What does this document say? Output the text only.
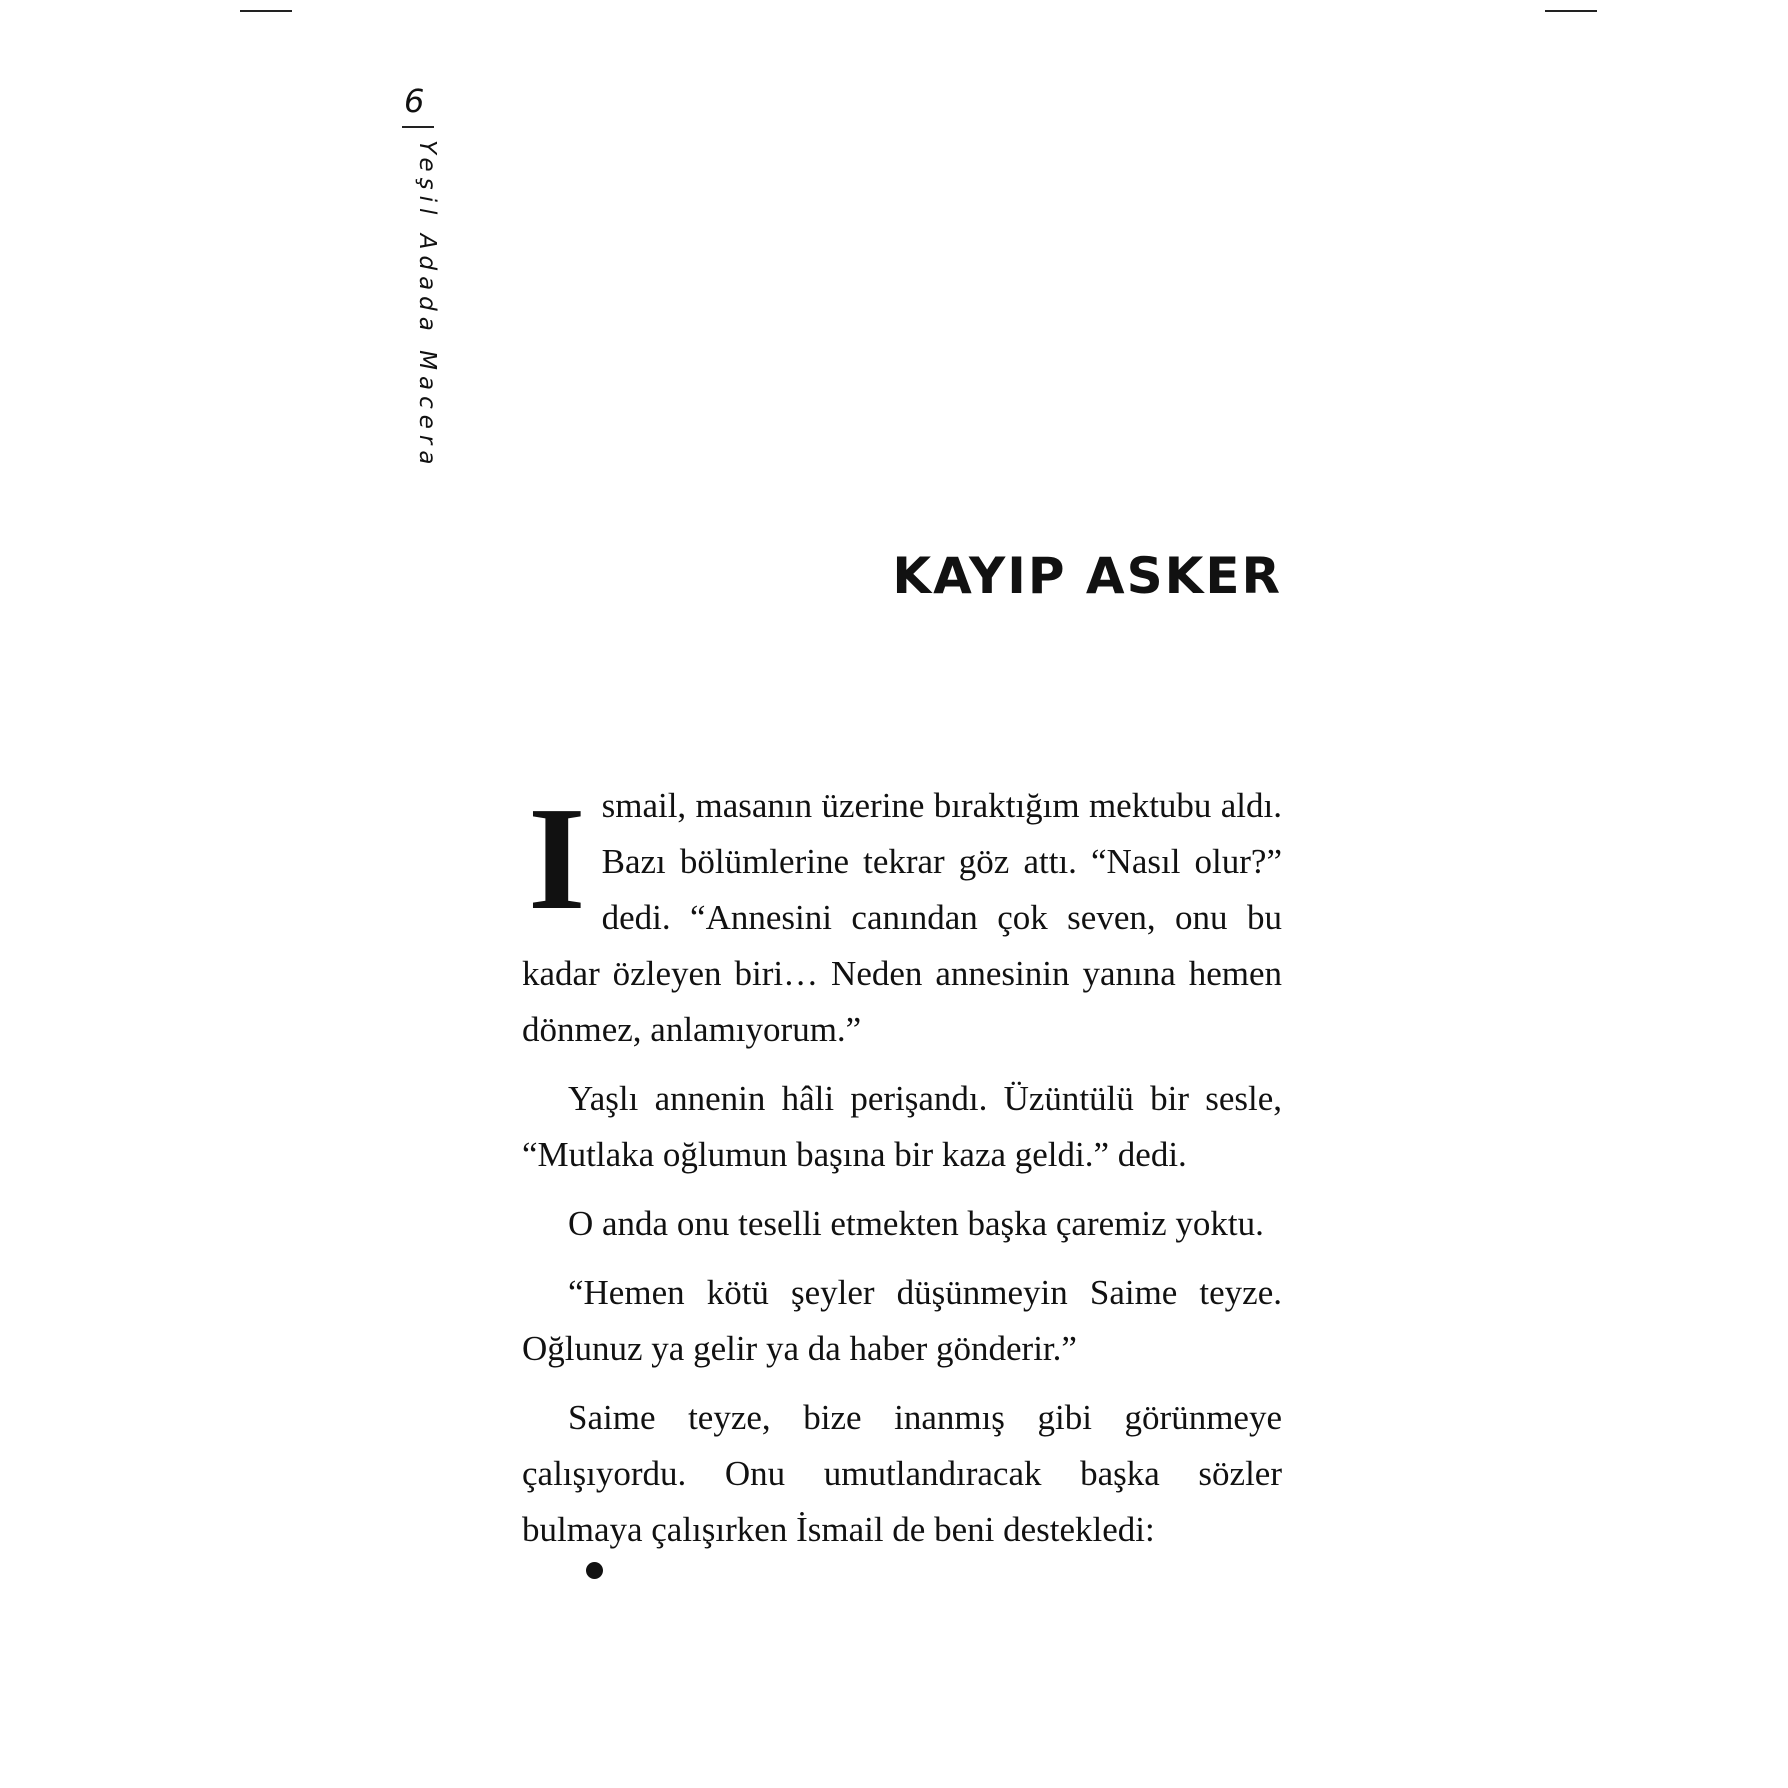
6
Yeşil Adada Macera
KAYIP ASKER

Ismail, masanın üzerine bıraktığım mektubu aldı. Bazı bölümlerine tekrar göz attı. “Nasıl olur?” dedi. “Annesini canından çok seven, onu bu kadar özleyen biri… Neden annesinin yanına hemen dönmez, anlamıyorum.”

Yaşlı annenin hâli perişandı. Üzüntülü bir sesle, “Mutlaka oğlumun başına bir kaza geldi.” dedi.

O anda onu teselli etmekten başka çaremiz yoktu.

“Hemen kötü şeyler düşünmeyin Saime teyze. Oğlunuz ya gelir ya da haber gönderir.”

Saime teyze, bize inanmış gibi görünmeye çalışıyordu. Onu umutlandıracak başka sözler bulmaya çalışırken İsmail de beni destekledi:
